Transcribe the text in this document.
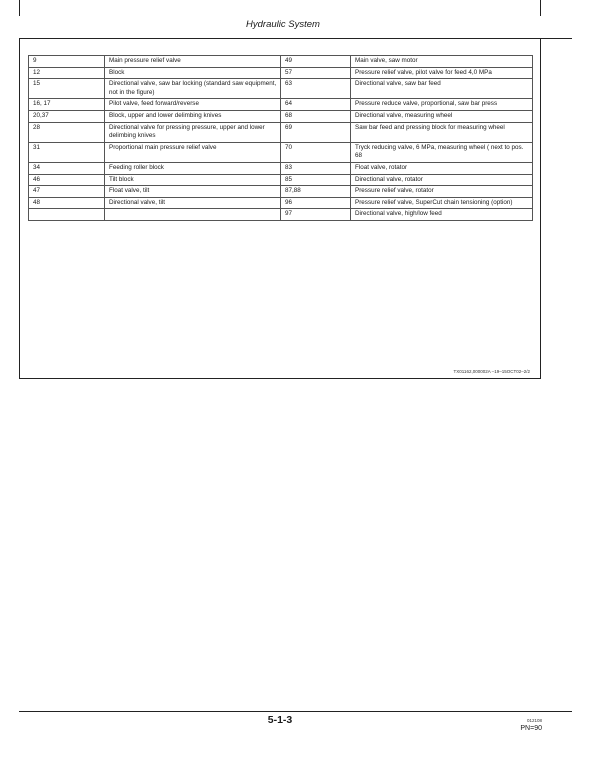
Hydraulic System
9	Main pressure relief valve	49	Main valve, saw motor
12	Block	57	Pressure relief valve, pilot valve for feed 4,0 MPa
15	Directional valve, saw bar locking (standard saw equipment, not in the figure)	63	Directional valve, saw bar feed
16, 17	Pilot valve, feed forward/reverse	64	Pressure reduce valve, proportional, saw bar press
20,37	Block, upper and lower delimbing knives	68	Directional valve, measuring wheel
28	Directional valve for pressing pressure, upper and lower delimbing knives	69	Saw bar feed and pressing block for measuring wheel
31	Proportional main pressure relief valve	70	Tryck reducing valve, 6 MPa, measuring wheel ( next to pos. 68
34	Feeding roller block	83	Float valve, rotator
46	Tilt block	85	Directional valve, rotator
47	Float valve, tilt	87,88	Pressure relief valve, rotator
48	Directional valve, tilt	96	Pressure relief valve, SuperCut chain tensioning (option)
		97	Directional valve, high/low feed
TX01162,000002A –19–15OCT02–2/2
5-1-3	012108
PN=90
